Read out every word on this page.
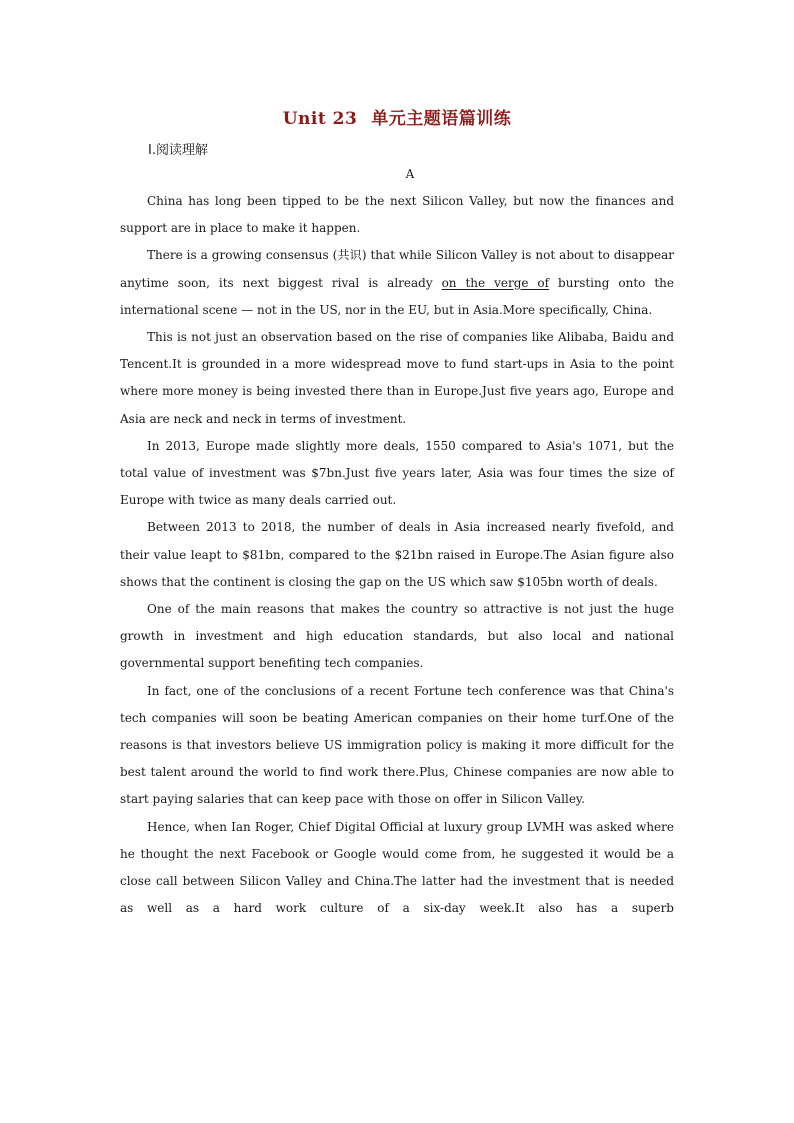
Unit 23 单元主题语篇训练
Ⅰ.阅读理解
A

China has long been tipped to be the next Silicon Valley, but now the finances and support are in place to make it happen.

There is a growing consensus (共识) that while Silicon Valley is not about to disappear anytime soon, its next biggest rival is already on the verge of bursting onto the international scene — not in the US, nor in the EU, but in Asia.More specifically, China.

This is not just an observation based on the rise of companies like Alibaba, Baidu and Tencent.It is grounded in a more widespread move to fund start-ups in Asia to the point where more money is being invested there than in Europe.Just five years ago, Europe and Asia are neck and neck in terms of investment.

In 2013, Europe made slightly more deals, 1550 compared to Asia's 1071, but the total value of investment was $7bn.Just five years later, Asia was four times the size of Europe with twice as many deals carried out.

Between 2013 to 2018, the number of deals in Asia increased nearly fivefold, and their value leapt to $81bn, compared to the $21bn raised in Europe.The Asian figure also shows that the continent is closing the gap on the US which saw $105bn worth of deals.

One of the main reasons that makes the country so attractive is not just the huge growth in investment and high education standards, but also local and national governmental support benefiting tech companies.

In fact, one of the conclusions of a recent Fortune tech conference was that China's tech companies will soon be beating American companies on their home turf.One of the reasons is that investors believe US immigration policy is making it more difficult for the best talent around the world to find work there.Plus, Chinese companies are now able to start paying salaries that can keep pace with those on offer in Silicon Valley.

Hence, when Ian Roger, Chief Digital Official at luxury group LVMH was asked where he thought the next Facebook or Google would come from, he suggested it would be a close call between Silicon Valley and China.The latter had the investment that is needed as well as a hard work culture of a six-day week.It also has a superb
